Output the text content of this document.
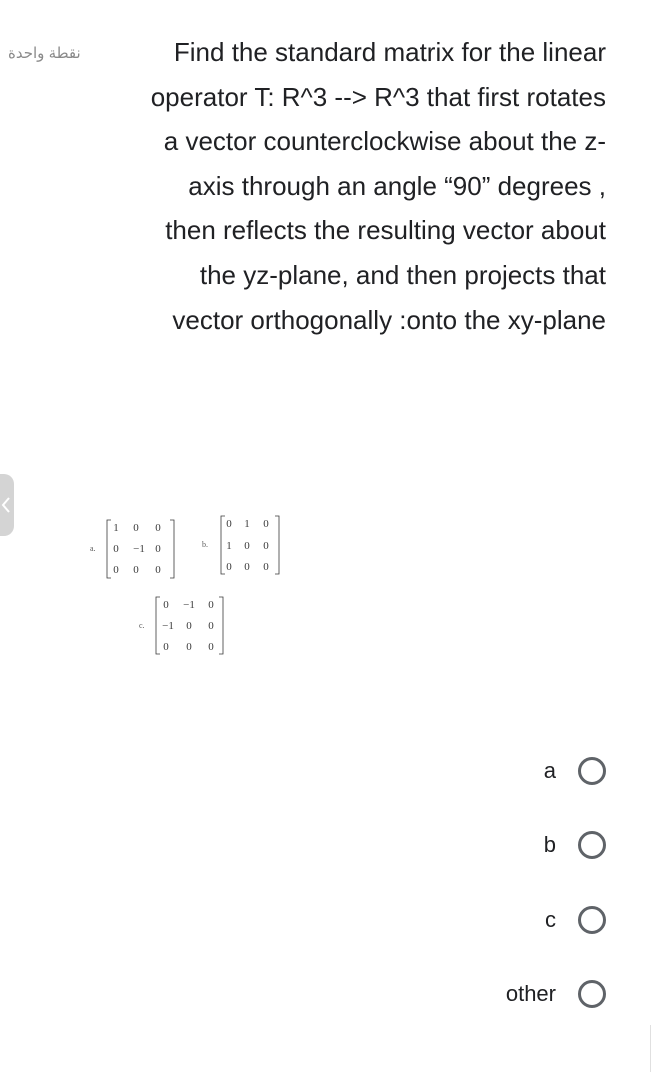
نقطة واحدة	Find the standard matrix for the linear operator T: R^3 --> R^3 that first rotates a vector counterclockwise about the z-axis through an angle “90” degrees , then reflects the resulting vector about the yz-plane, and then projects that vector orthogonally :onto the xy-plane
a.
1 0 0
0 −1 0
0 0 0
b.
0 1 0
1 0 0
0 0 0
c.
0 −1 0
−1 0 0
0 0 0
a
b
c
other
